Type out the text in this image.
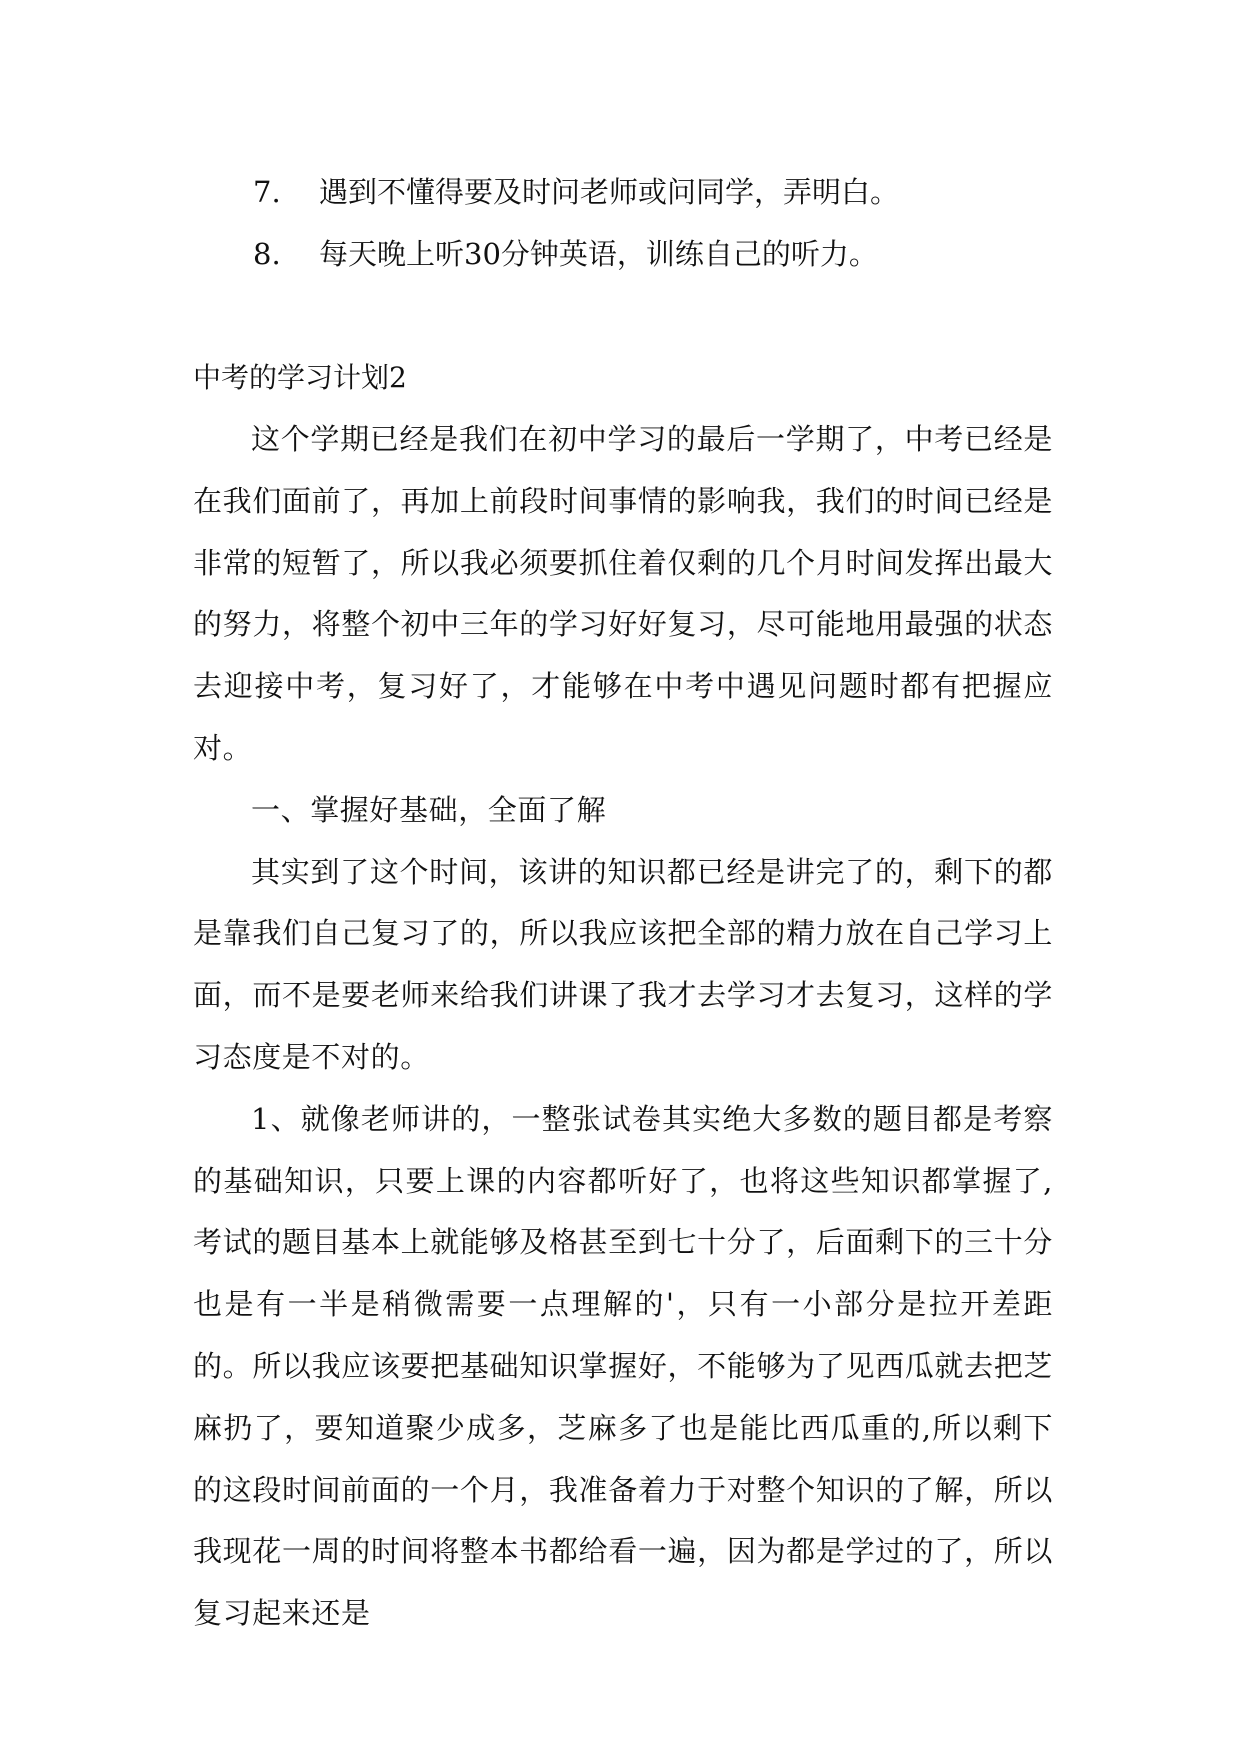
7. 遇到不懂得要及时问老师或问同学，弄明白。
8. 每天晚上听30分钟英语，训练自己的听力。
中考的学习计划2

这个学期已经是我们在初中学习的最后一学期了，中考已经是在我们面前了，再加上前段时间事情的影响我，我们的时间已经是非常的短暂了，所以我必须要抓住着仅剩的几个月时间发挥出最大的努力，将整个初中三年的学习好好复习，尽可能地用最强的状态去迎接中考，复习好了，才能够在中考中遇见问题时都有把握应对。

一、掌握好基础，全面了解

其实到了这个时间，该讲的知识都已经是讲完了的，剩下的都是靠我们自己复习了的，所以我应该把全部的精力放在自己学习上面，而不是要老师来给我们讲课了我才去学习才去复习，这样的学习态度是不对的。

1、就像老师讲的，一整张试卷其实绝大多数的题目都是考察的基础知识，只要上课的内容都听好了，也将这些知识都掌握了,考试的题目基本上就能够及格甚至到七十分了，后面剩下的三十分也是有一半是稍微需要一点理解的'，只有一小部分是拉开差距的。所以我应该要把基础知识掌握好，不能够为了见西瓜就去把芝麻扔了，要知道聚少成多，芝麻多了也是能比西瓜重的,所以剩下的这段时间前面的一个月，我准备着力于对整个知识的了解，所以我现花一周的时间将整本书都给看一遍，因为都是学过的了，所以复习起来还是
